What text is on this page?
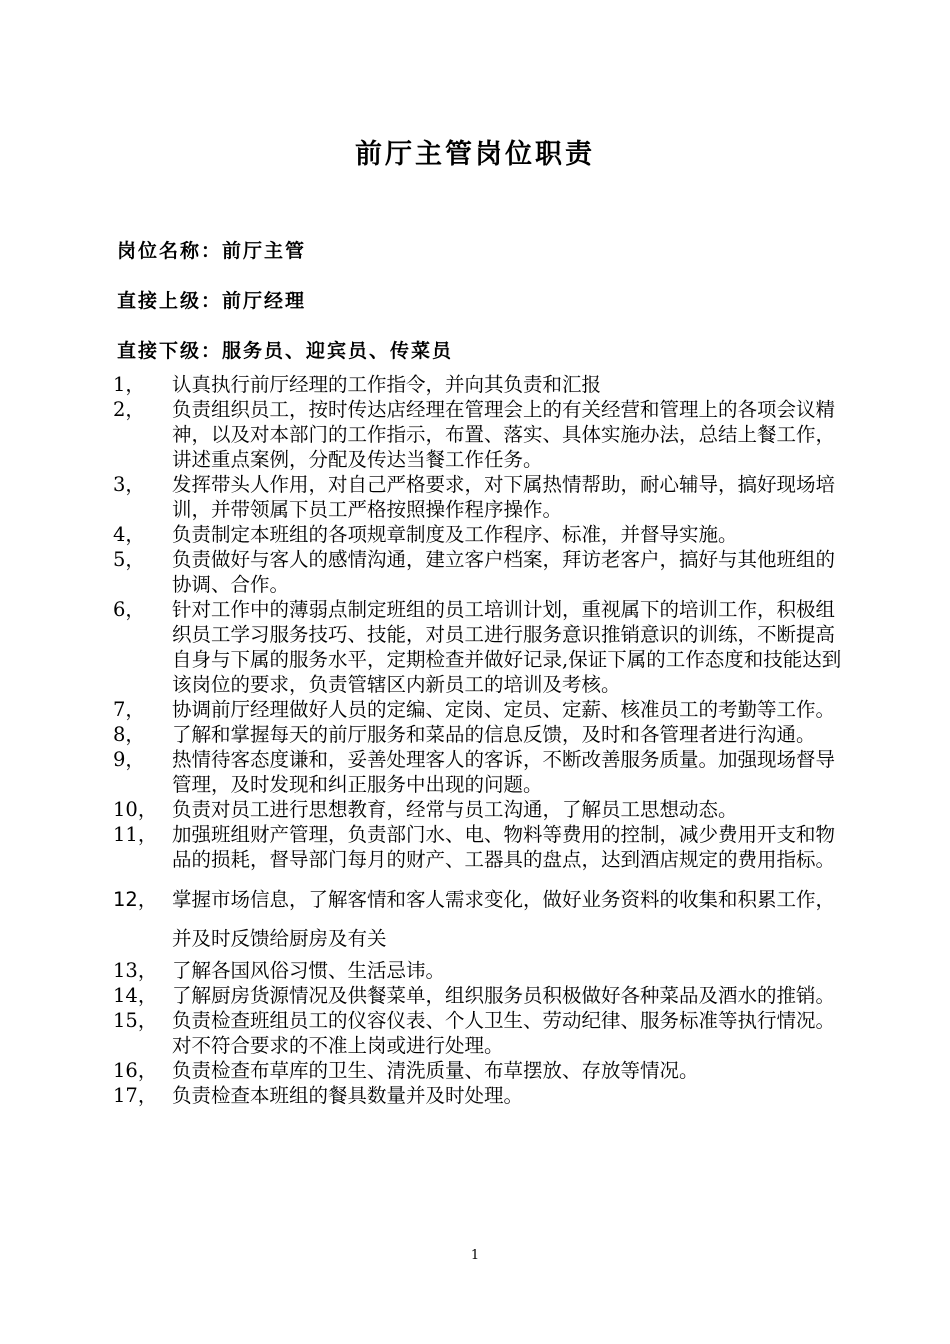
前厅主管岗位职责
岗位名称：前厅主管
直接上级：前厅经理
直接下级：服务员、迎宾员、传菜员
1，	认真执行前厅经理的工作指令，并向其负责和汇报
2，	负责组织员工，按时传达店经理在管理会上的有关经营和管理上的各项会议精神，以及对本部门的工作指示，布置、落实、具体实施办法，总结上餐工作，讲述重点案例，分配及传达当餐工作任务。
3，	发挥带头人作用，对自己严格要求，对下属热情帮助，耐心辅导，搞好现场培训，并带领属下员工严格按照操作程序操作。
4，	负责制定本班组的各项规章制度及工作程序、标准，并督导实施。
5，	负责做好与客人的感情沟通，建立客户档案，拜访老客户，搞好与其他班组的协调、合作。
6，	针对工作中的薄弱点制定班组的员工培训计划，重视属下的培训工作，积极组织员工学习服务技巧、技能，对员工进行服务意识推销意识的训练，不断提高自身与下属的服务水平，定期检查并做好记录,保证下属的工作态度和技能达到该岗位的要求，负责管辖区内新员工的培训及考核。
7，	协调前厅经理做好人员的定编、定岗、定员、定薪、核准员工的考勤等工作。
8，	了解和掌握每天的前厅服务和菜品的信息反馈，及时和各管理者进行沟通。
9，	热情待客态度谦和，妥善处理客人的客诉，不断改善服务质量。加强现场督导管理，及时发现和纠正服务中出现的问题。
10， 负责对员工进行思想教育，经常与员工沟通，了解员工思想动态。
11， 加强班组财产管理，负责部门水、电、物料等费用的控制，减少费用开支和物品的损耗，督导部门每月的财产、工器具的盘点，达到酒店规定的费用指标。
12， 掌握市场信息，了解客情和客人需求变化，做好业务资料的收集和积累工作，并及时反馈给厨房及有关
13， 了解各国风俗习惯、生活忌讳。
14， 了解厨房货源情况及供餐菜单，组织服务员积极做好各种菜品及酒水的推销。
15， 负责检查班组员工的仪容仪表、个人卫生、劳动纪律、服务标准等执行情况。对不符合要求的不准上岗或进行处理。
16， 负责检查布草库的卫生、清洗质量、布草摆放、存放等情况。
17， 负责检查本班组的餐具数量并及时处理。
1
